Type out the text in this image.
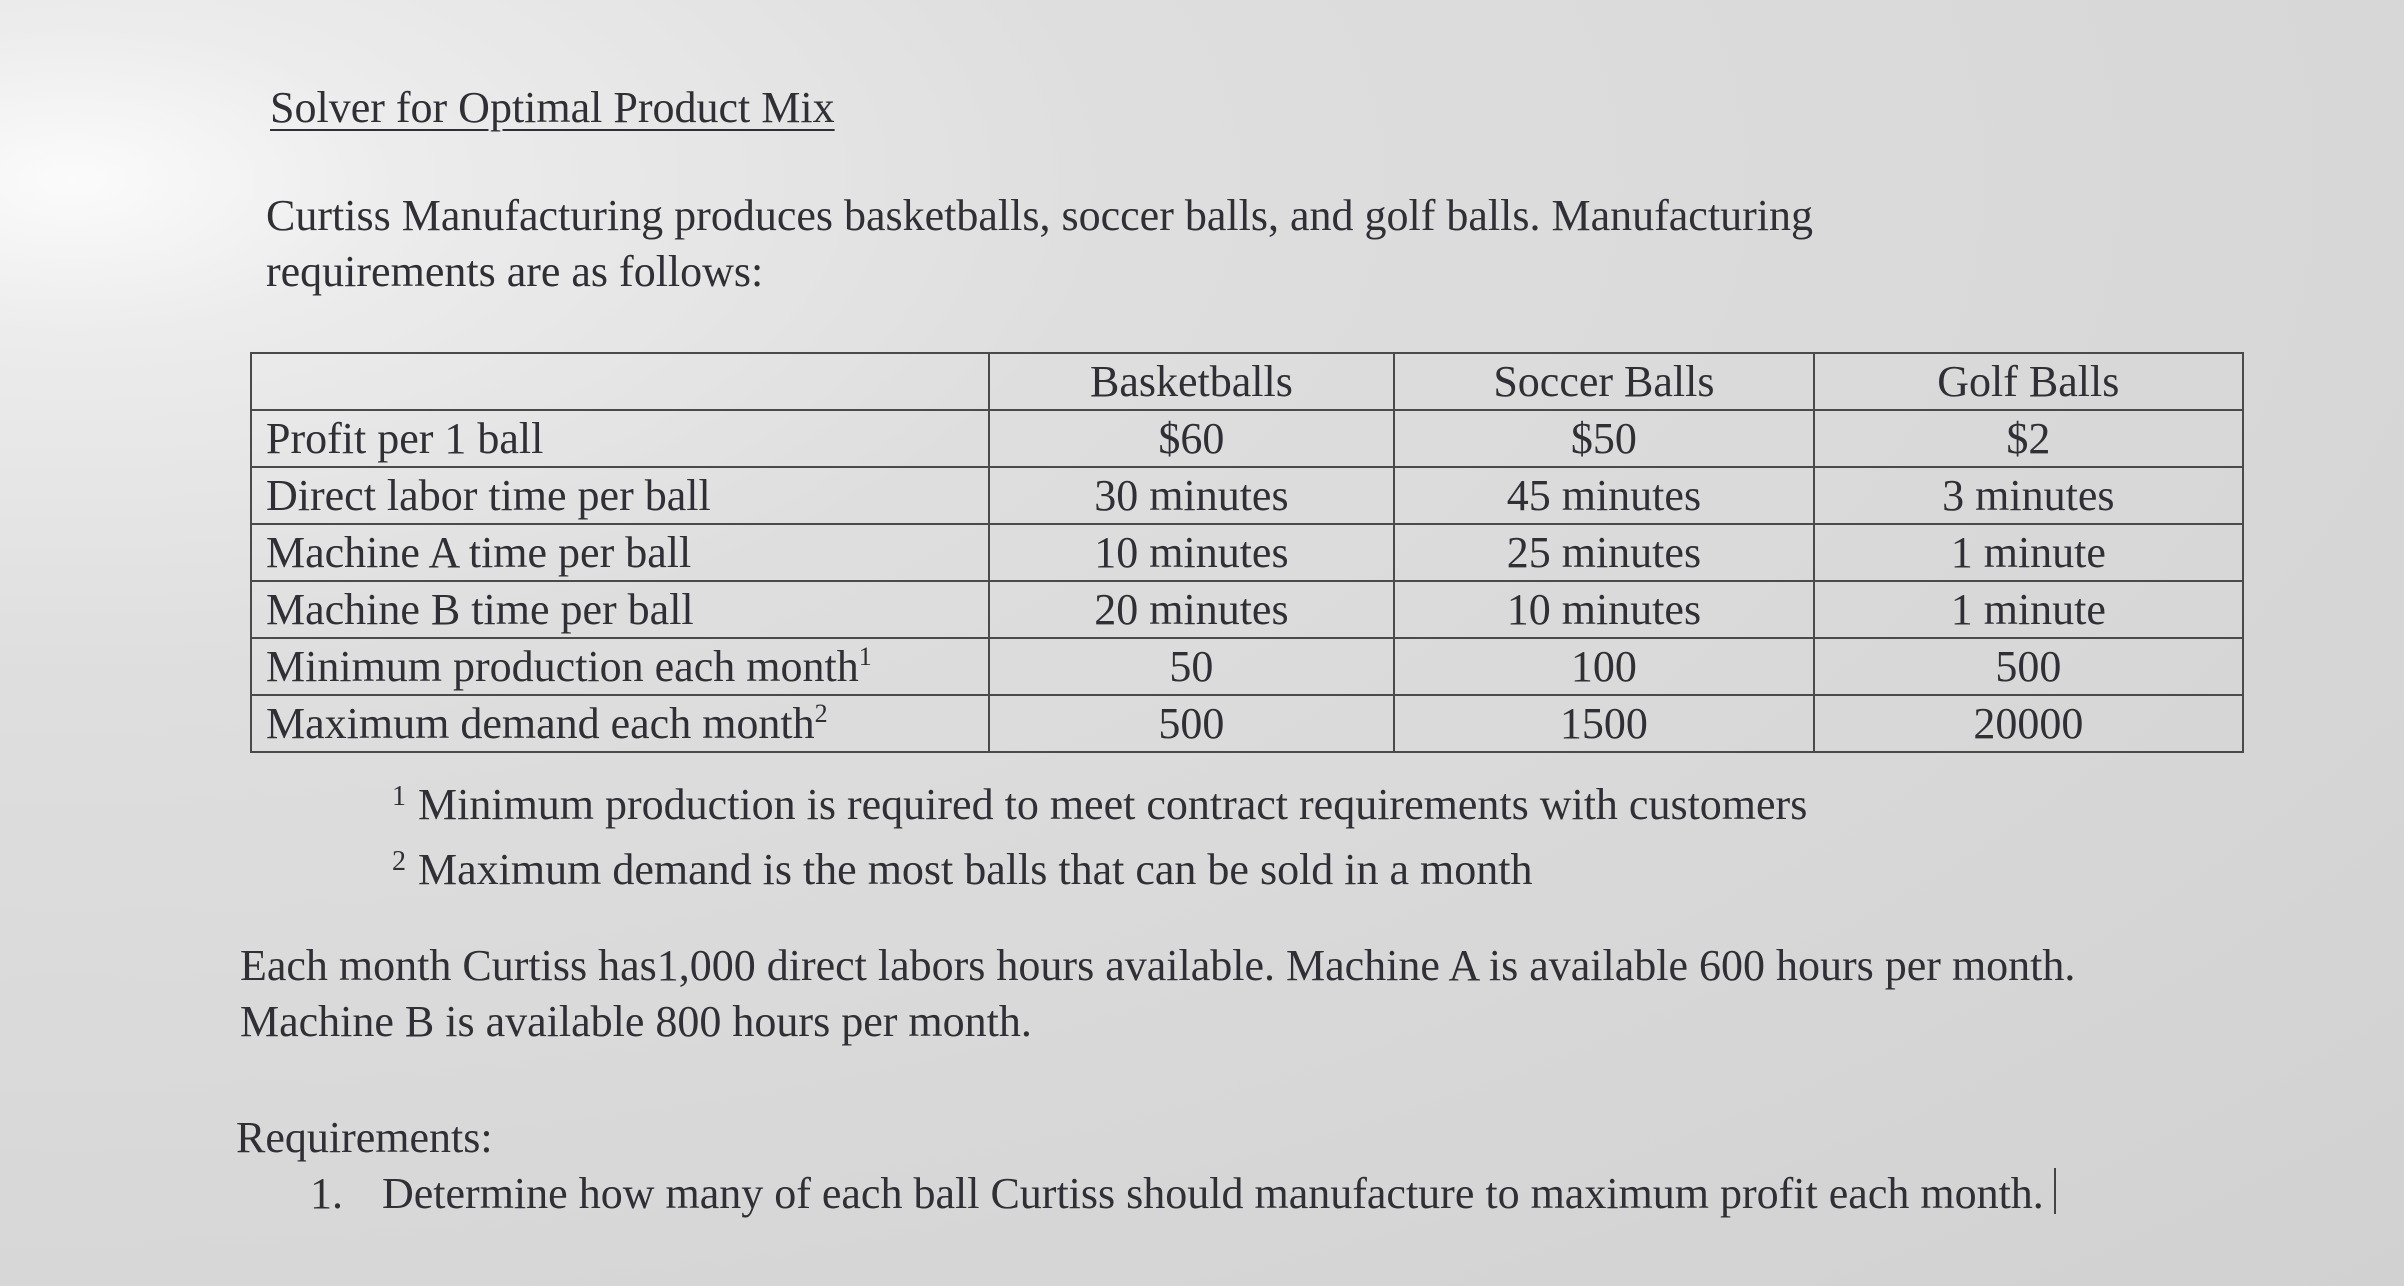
Solver for Optimal Product Mix
Curtiss Manufacturing produces basketballs, soccer balls, and golf balls. Manufacturing requirements are as follows:
	Basketballs	Soccer Balls	Golf Balls
Profit per 1 ball	$60	$50	$2
Direct labor time per ball	30 minutes	45 minutes	3 minutes
Machine A time per ball	10 minutes	25 minutes	1 minute
Machine B time per ball	20 minutes	10 minutes	1 minute
Minimum production each month$^1$	50	100	500
Maximum demand each month$^2$	500	1500	20000
$^1$ Minimum production is required to meet contract requirements with customers
$^2$ Maximum demand is the most balls that can be sold in a month
Each month Curtiss has1,000 direct labors hours available. Machine A is available 600 hours per month. Machine B is available 800 hours per month.
Requirements:
1. Determine how many of each ball Curtiss should manufacture to maximum profit each month.
